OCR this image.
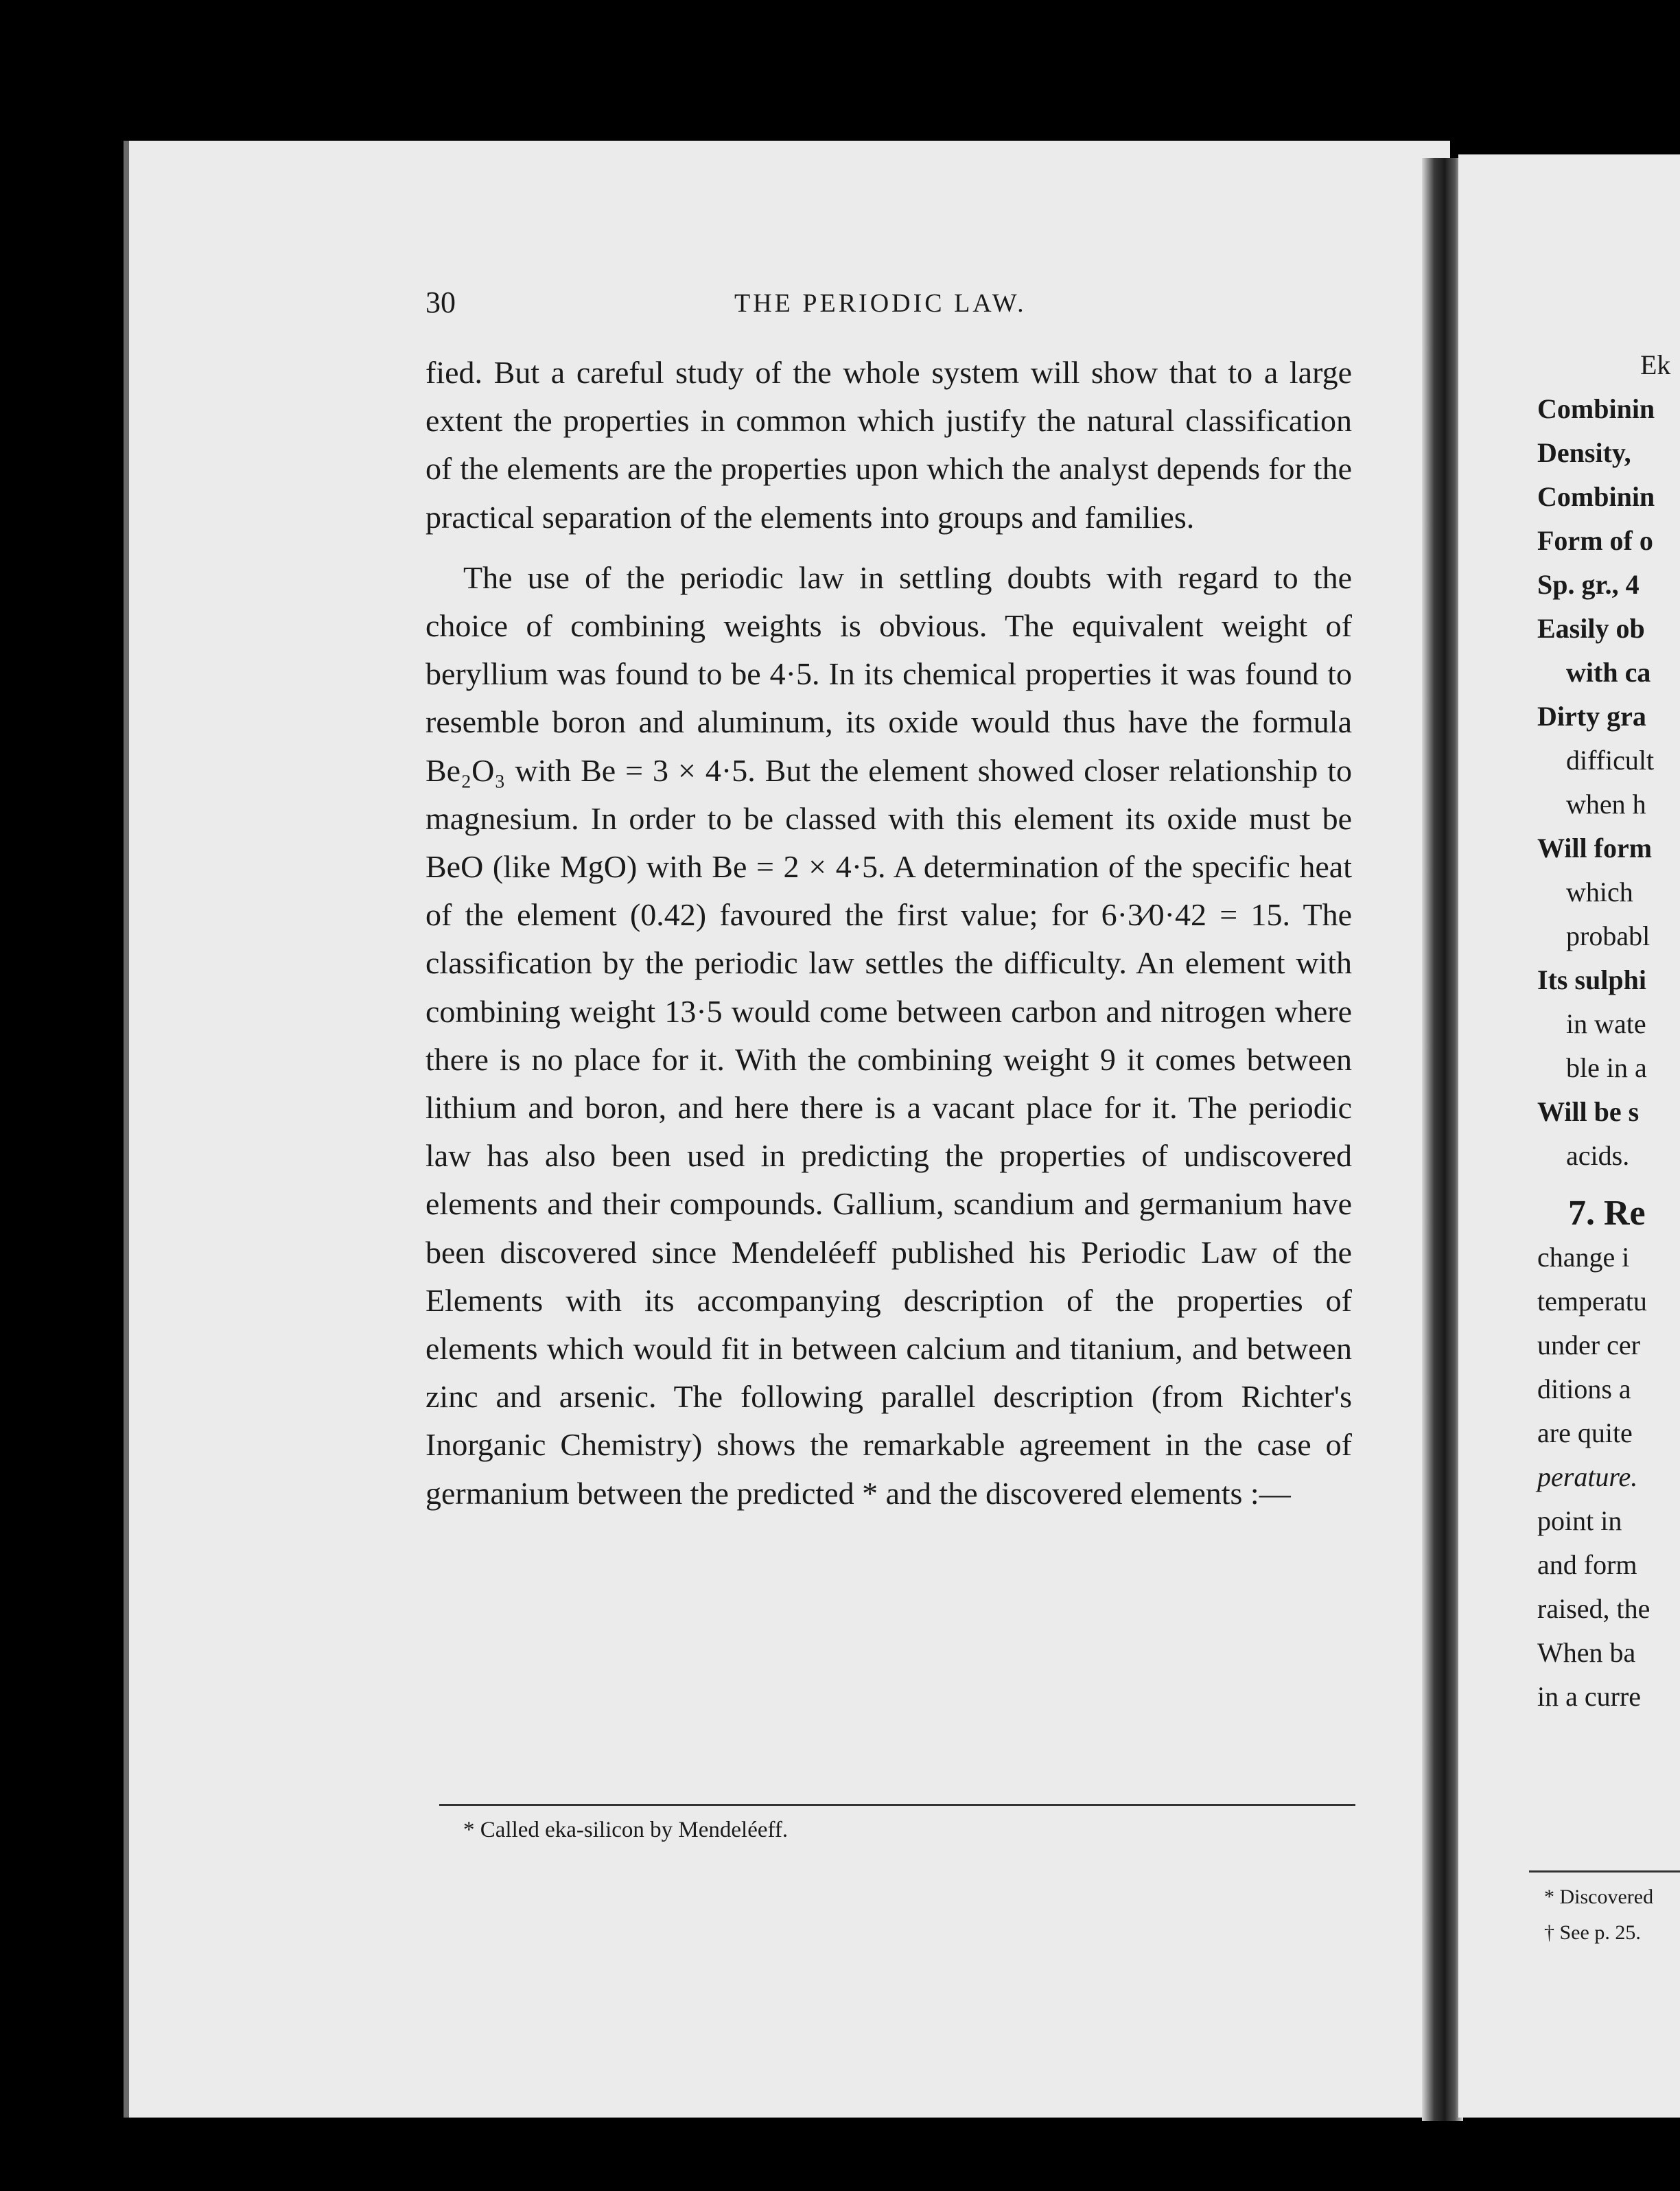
30	THE PERIODIC LAW.

fied. But a careful study of the whole system will show that to a large extent the properties in common which justify the natural classification of the elements are the properties upon which the analyst depends for the practical separation of the elements into groups and families.

The use of the periodic law in settling doubts with regard to the choice of combining weights is obvious. The equivalent weight of beryllium was found to be 4·5. In its chemical properties it was found to resemble boron and aluminum, its oxide would thus have the formula Be₂O₃ with Be = 3 × 4·5. But the element showed closer relationship to magnesium. In order to be classed with this element its oxide must be BeO (like MgO) with Be = 2 × 4·5. A determination of the specific heat of the element (0.42) favoured the first value; for 6·3⁄0·42 = 15. The classification by the periodic law settles the difficulty. An element with combining weight 13·5 would come between carbon and nitrogen where there is no place for it. With the combining weight 9 it comes between lithium and boron, and here there is a vacant place for it. The periodic law has also been used in predicting the properties of undiscovered elements and their compounds. Gallium, scandium and germanium have been discovered since Mendeléeff published his Periodic Law of the Elements with its accompanying description of the properties of elements which would fit in between calcium and titanium, and between zinc and arsenic. The following parallel description (from Richter's Inorganic Chemistry) shows the remarkable agreement in the case of germanium between the predicted * and the discovered elements :—

* Called eka-silicon by Mendeléeff.
Ek
Combinin
Density,
Combinin
Form of o
Sp. gr., 4
Easily ob
with ca
Dirty gra
difficult
when h
Will form
which
probabl
Its sulphi
in wate
ble in a
Will be s
acids.
7. Re
change i
temperatu
under cer
ditions a
are quite
perature.
point in
and form
raised, the
When ba
in a curre
* Discovered
† See p. 25.
